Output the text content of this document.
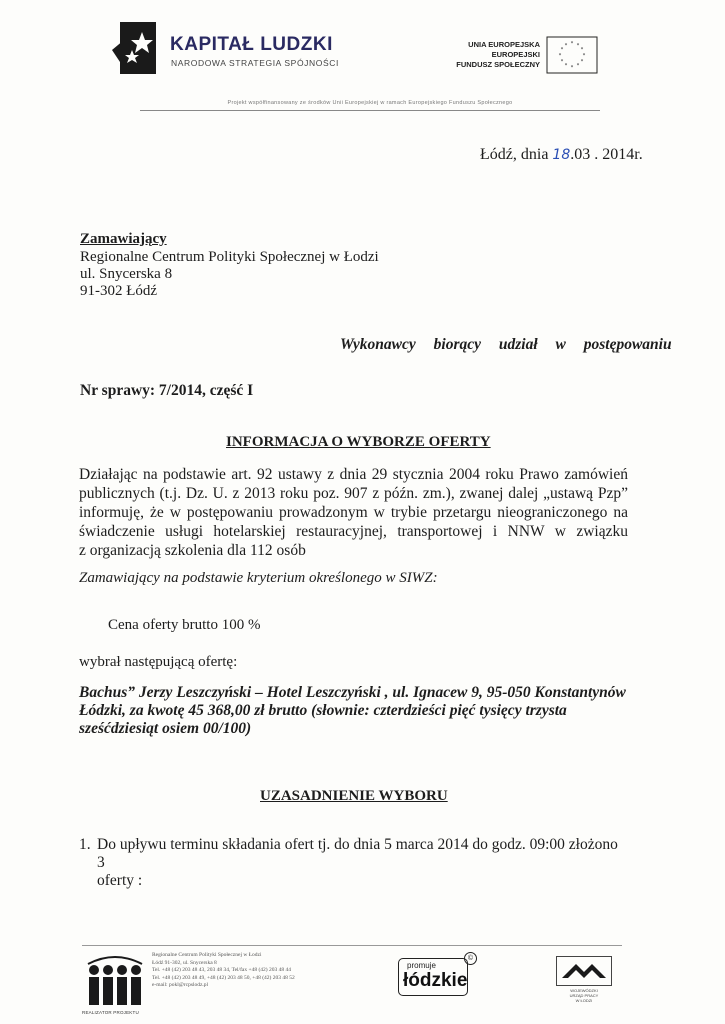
KAPITAŁ LUDZKI
NARODOWA STRATEGIA SPÓJNOŚCI
UNIA EUROPEJSKA
EUROPEJSKI
FUNDUSZ SPOŁECZNY
* *
*
*
*
*
*
*
*
*
*
*
Projekt współfinansowany ze środków Unii Europejskiej w ramach Europejskiego Funduszu Społecznego
Łódź, dnia 18.03 . 2014r.
Zamawiający
Regionalne Centrum Polityki Społecznej w Łodzi
ul. Snycerska 8
91-302 Łódź
Wykonawcy biorący udział w postępowaniu
Nr sprawy: 7/2014, część I
INFORMACJA O WYBORZE OFERTY
Działając na podstawie art. 92 ustawy z dnia 29 stycznia 2004 roku Prawo zamówień
publicznych (t.j. Dz. U. z 2013 roku poz. 907 z późn. zm.), zwanej dalej „ustawą Pzp”
informuję, że w postępowaniu prowadzonym w trybie przetargu nieograniczonego na
świadczenie usługi hotelarskiej restauracyjnej, transportowej i NNW w związku
z organizacją szkolenia dla 112 osób
Zamawiający na podstawie kryterium określonego w SIWZ:
Cena oferty brutto 100 %
wybrał następującą ofertę:
Bachus” Jerzy Leszczyński – Hotel Leszczyński , ul. Ignacew 9, 95-050 Konstantynów Łódzki, za kwotę 45 368,00 zł brutto (słownie: czterdzieści pięć tysięcy trzysta sześćdziesiąt osiem 00/100)
UZASADNIENIE WYBORU
1. Do upływu terminu składania ofert tj. do dnia 5 marca 2014 do godz. 09:00 złożono 3
oferty :
REALIZATOR PROJEKTU
Regionalne Centrum Polityki Społecznej w Łodzi
Łódź 91-302, ul. Snycerska 8
Tel. +48 (42) 203 48 43, 203 48 34, Tel/fax +48 (42) 203 48 44
Tel. +48 (42) 203 48 49, +48 (42) 203 48 50, +48 (42) 203 48 52
e-mail: pokl@rcpslodz.pl
promuje
łódzkie
©
WOJEWÓDZKI
URZĄD PRACY
W ŁODZI
